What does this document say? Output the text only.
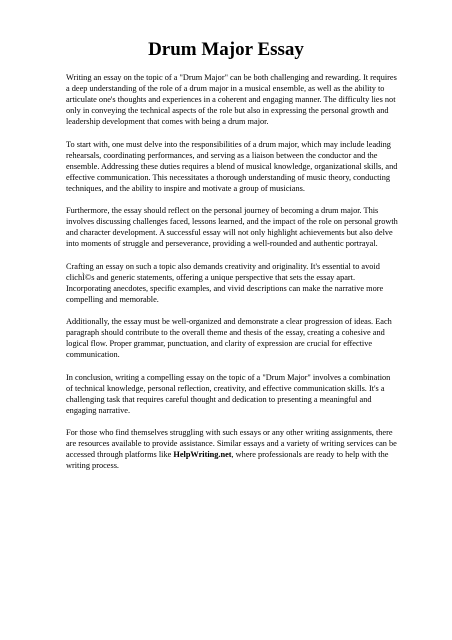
Drum Major Essay

Writing an essay on the topic of a "Drum Major" can be both challenging and rewarding. It requires a deep understanding of the role of a drum major in a musical ensemble, as well as the ability to articulate one's thoughts and experiences in a coherent and engaging manner. The difficulty lies not only in conveying the technical aspects of the role but also in expressing the personal growth and leadership development that comes with being a drum major.

To start with, one must delve into the responsibilities of a drum major, which may include leading rehearsals, coordinating performances, and serving as a liaison between the conductor and the ensemble. Addressing these duties requires a blend of musical knowledge, organizational skills, and effective communication. This necessitates a thorough understanding of music theory, conducting techniques, and the ability to inspire and motivate a group of musicians.

Furthermore, the essay should reflect on the personal journey of becoming a drum major. This involves discussing challenges faced, lessons learned, and the impact of the role on personal growth and character development. A successful essay will not only highlight achievements but also delve into moments of struggle and perseverance, providing a well-rounded and authentic portrayal.

Crafting an essay on such a topic also demands creativity and originality. It's essential to avoid clichÌ©s and generic statements, offering a unique perspective that sets the essay apart. Incorporating anecdotes, specific examples, and vivid descriptions can make the narrative more compelling and memorable.

Additionally, the essay must be well-organized and demonstrate a clear progression of ideas. Each paragraph should contribute to the overall theme and thesis of the essay, creating a cohesive and logical flow. Proper grammar, punctuation, and clarity of expression are crucial for effective communication.

In conclusion, writing a compelling essay on the topic of a "Drum Major" involves a combination of technical knowledge, personal reflection, creativity, and effective communication skills. It's a challenging task that requires careful thought and dedication to presenting a meaningful and engaging narrative.

For those who find themselves struggling with such essays or any other writing assignments, there are resources available to provide assistance. Similar essays and a variety of writing services can be accessed through platforms like HelpWriting.net, where professionals are ready to help with the writing process.
